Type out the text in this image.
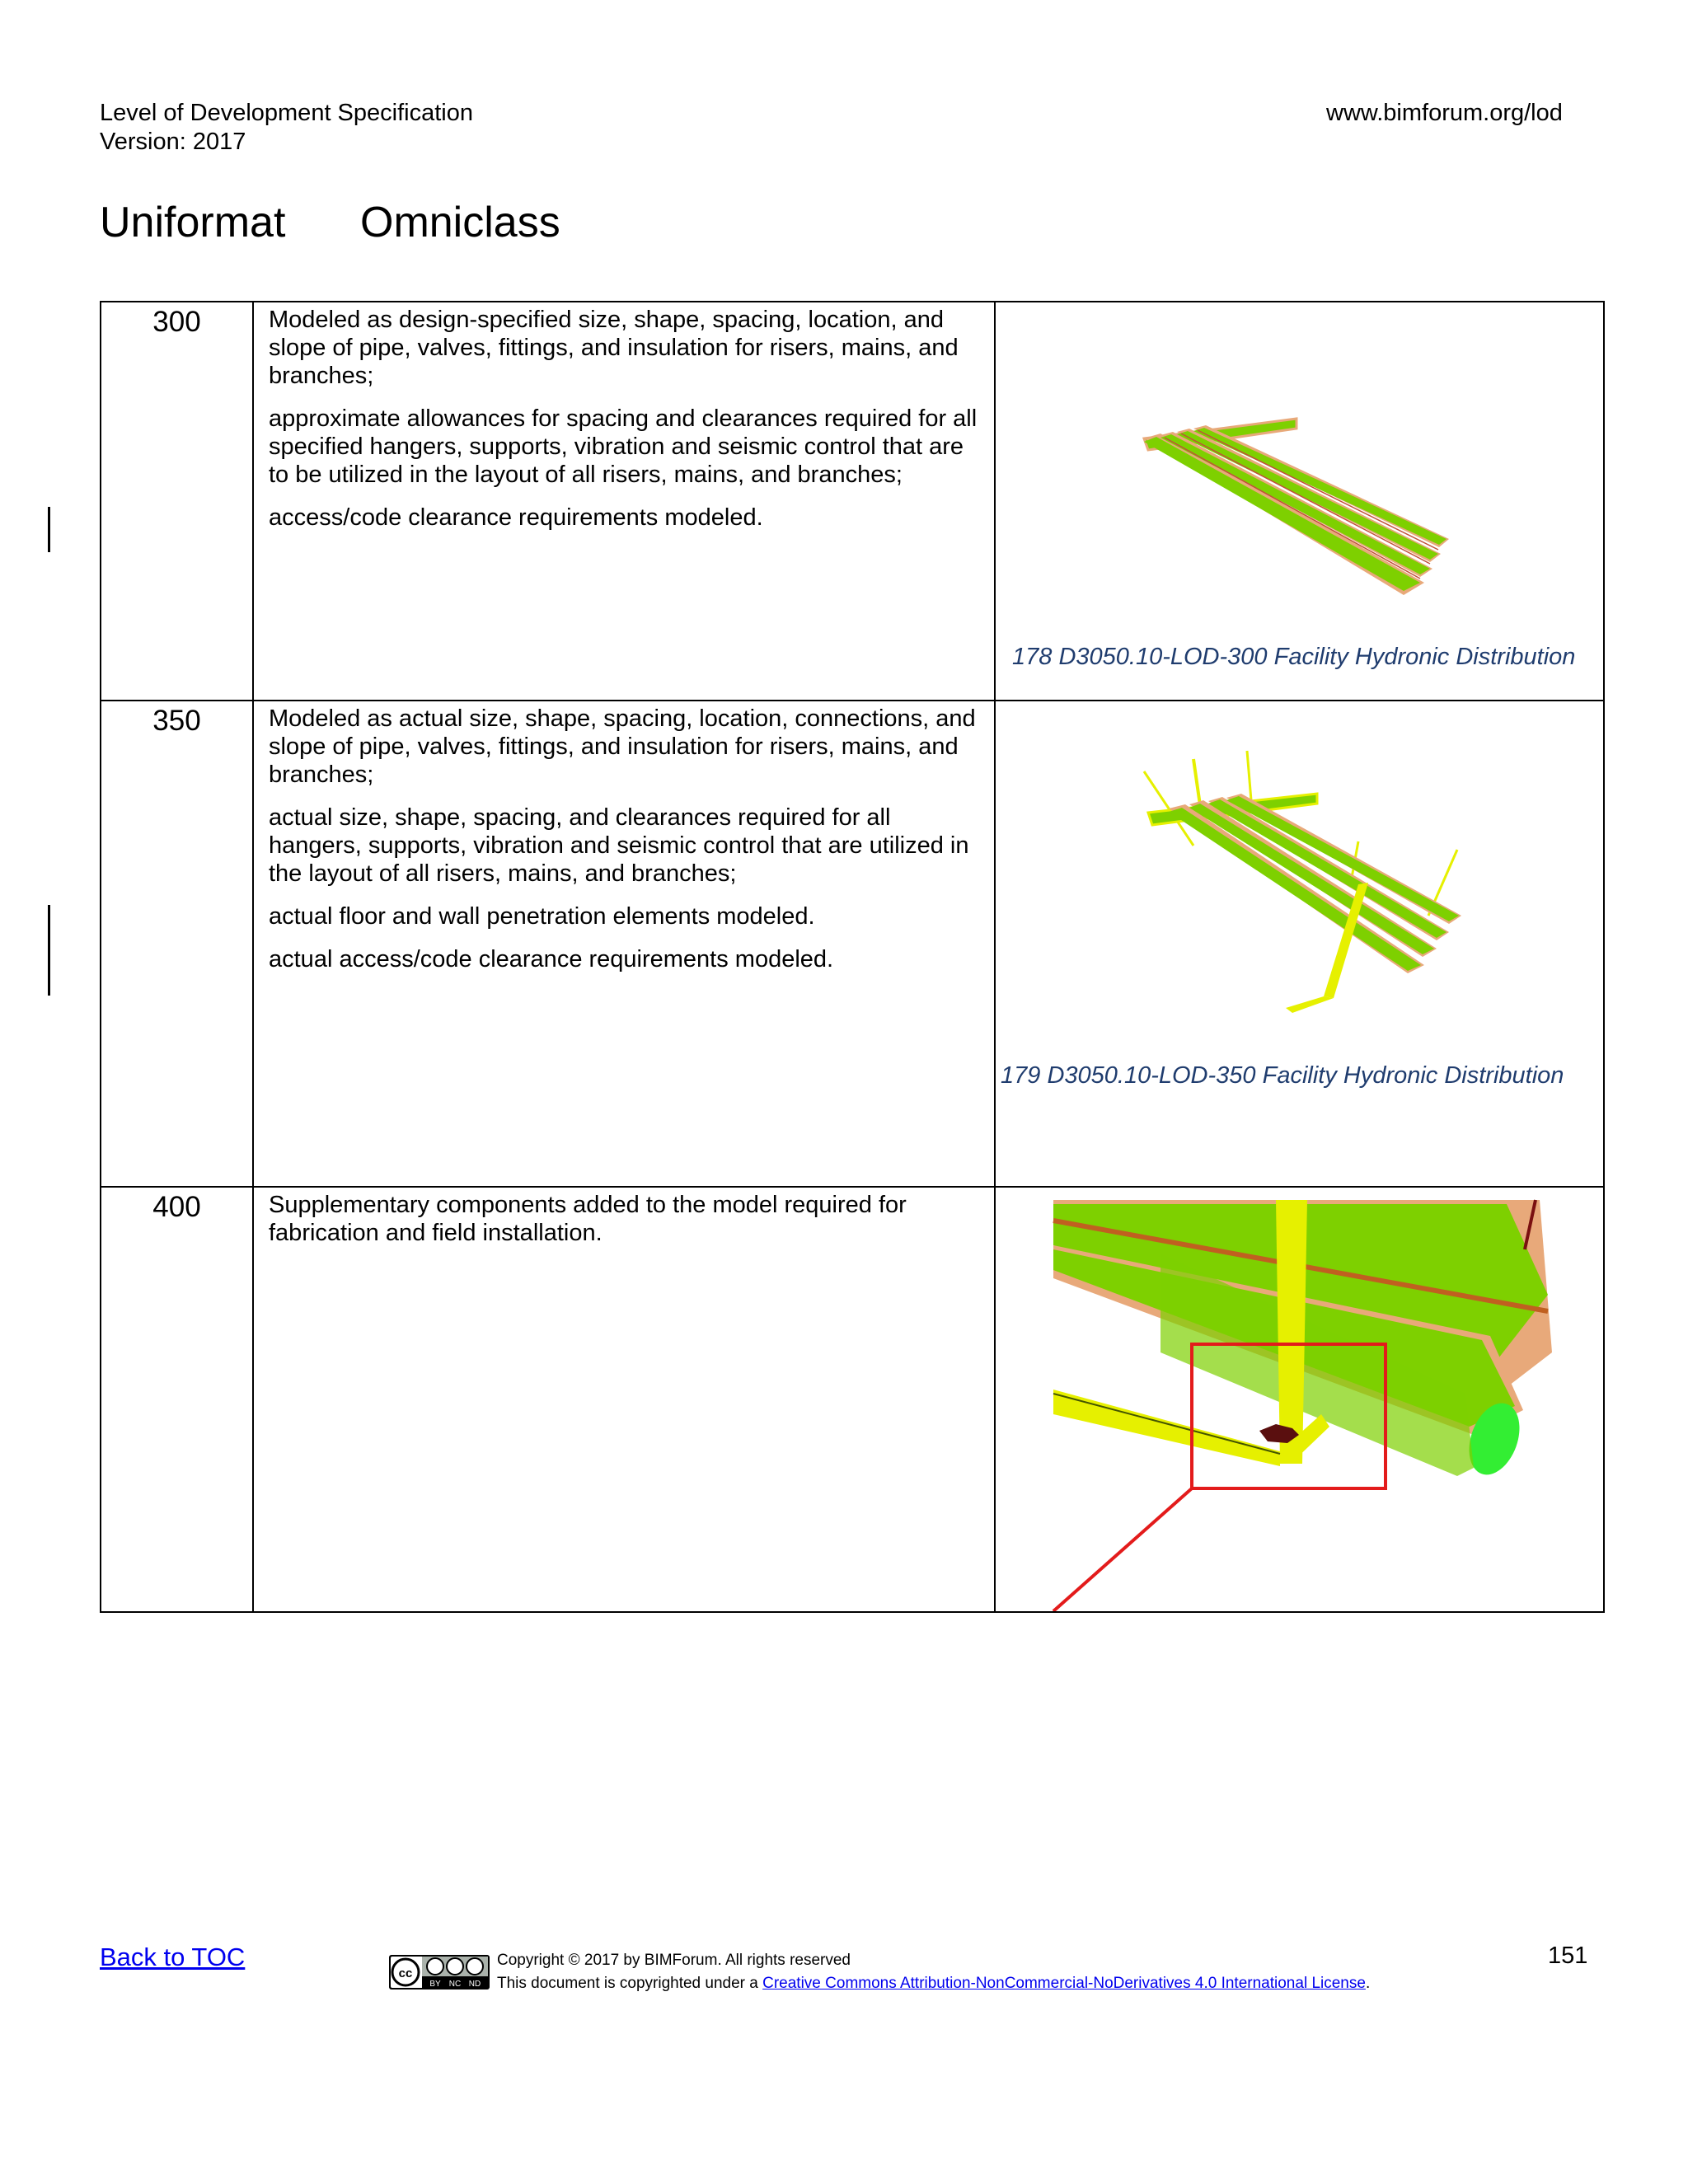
Level of Development Specification
Version: 2017
www.bimforum.org/lod
Uniformat Omniclass
300	Modeled as design-specified size, shape, spacing, location, and slope of pipe, valves, fittings, and insulation for risers, mains, and branches;

approximate allowances for spacing and clearances required for all specified hangers, supports, vibration and seismic control that are to be utilized in the layout of all risers, mains, and branches;

access/code clearance requirements modeled.	178 D3050.10-LOD-300 Facility Hydronic Distribution

350	Modeled as actual size, shape, spacing, location, connections, and slope of pipe, valves, fittings, and insulation for risers, mains, and branches;

actual size, shape, spacing, and clearances required for all hangers, supports, vibration and seismic control that are utilized in the layout of all risers, mains, and branches;

actual floor and wall penetration elements modeled.

actual access/code clearance requirements modeled.	179 D3050.10-LOD-350 Facility Hydronic Distribution

400	Supplementary components added to the model required for fabrication and field installation.

Back to TOC
cc
BY NC ND
Copyright © 2017 by BIMForum. All rights reserved
This document is copyrighted under a Creative Commons Attribution-NonCommercial-NoDerivatives 4.0 International License.
151
